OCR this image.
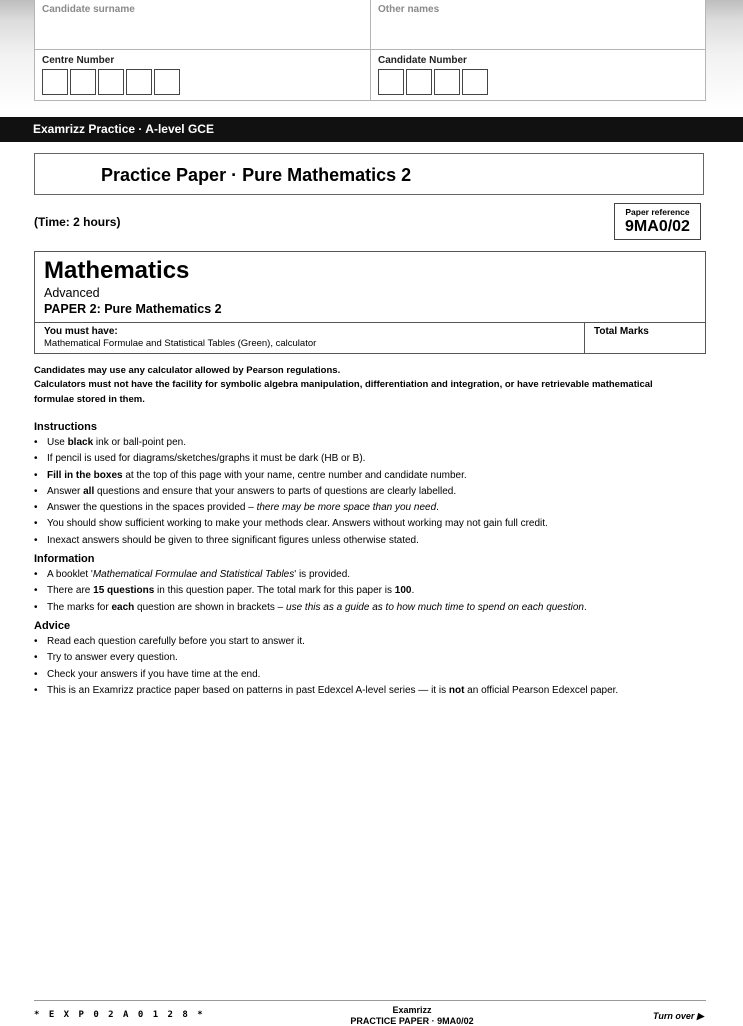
Candidate surname	Other names
Centre Number	Candidate Number
Examrizz Practice · A-level GCE
Practice Paper · Pure Mathematics 2
(Time: 2 hours)
Paper reference
9MA0/02
Mathematics
Advanced
PAPER 2: Pure Mathematics 2
You must have:
Mathematical Formulae and Statistical Tables (Green), calculator
Total Marks
Candidates may use any calculator allowed by Pearson regulations.
Calculators must not have the facility for symbolic algebra manipulation, differentiation and integration, or have retrievable mathematical formulae stored in them.
Instructions
• Use black ink or ball-point pen.
• If pencil is used for diagrams/sketches/graphs it must be dark (HB or B).
• Fill in the boxes at the top of this page with your name, centre number and candidate number.
• Answer all questions and ensure that your answers to parts of questions are clearly labelled.
• Answer the questions in the spaces provided – there may be more space than you need.
• You should show sufficient working to make your methods clear. Answers without working may not gain full credit.
• Inexact answers should be given to three significant figures unless otherwise stated.
Information
• A booklet 'Mathematical Formulae and Statistical Tables' is provided.
• There are 15 questions in this question paper. The total mark for this paper is 100.
• The marks for each question are shown in brackets – use this as a guide as to how much time to spend on each question.
Advice
• Read each question carefully before you start to answer it.
• Try to answer every question.
• Check your answers if you have time at the end.
• This is an Examrizz practice paper based on patterns in past Edexcel A-level series — it is not an official Pearson Edexcel paper.
* E X P 0 2 A 0 1 2 8 *	Examrizz
PRACTICE PAPER · 9MA0/02	Turn over ▶
